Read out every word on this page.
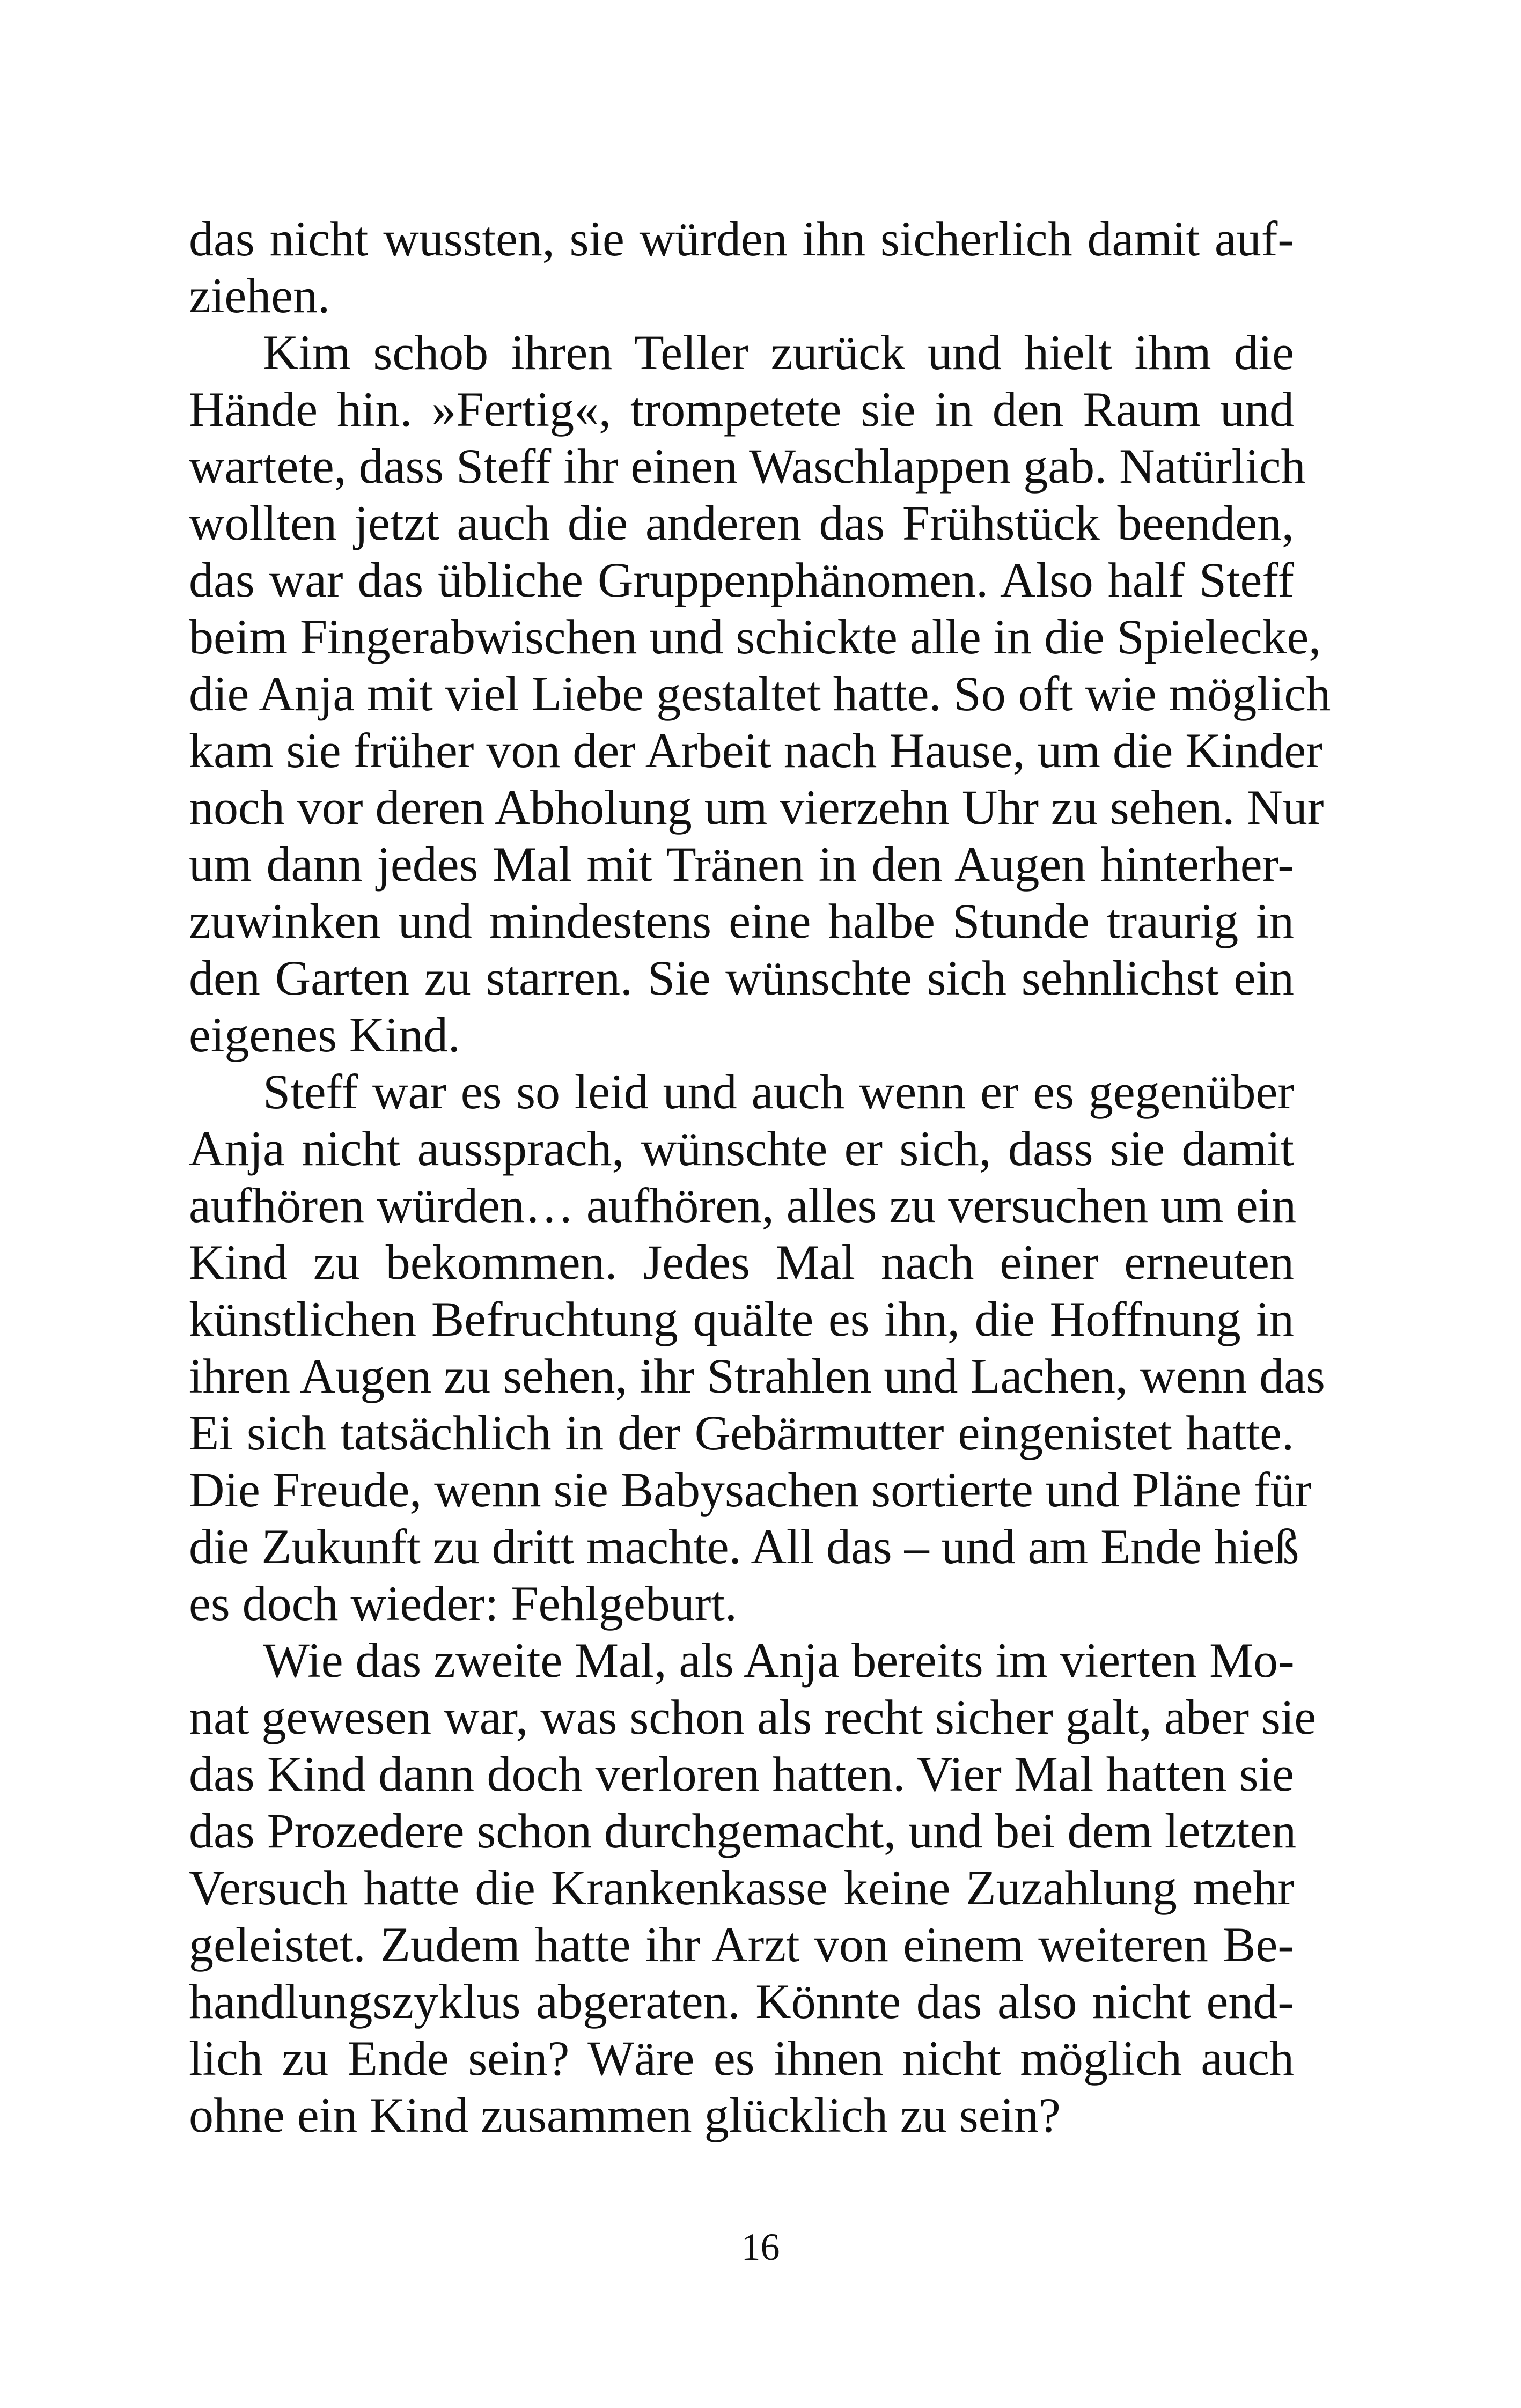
das nicht wussten, sie würden ihn sicherlich damit auf-
ziehen.
Kim schob ihren Teller zurück und hielt ihm die
Hände hin. »Fertig«, trompetete sie in den Raum und
wartete, dass Steff ihr einen Waschlappen gab. Natürlich
wollten jetzt auch die anderen das Frühstück beenden,
das war das übliche Gruppenphänomen. Also half Steff
beim Fingerabwischen und schickte alle in die Spielecke,
die Anja mit viel Liebe gestaltet hatte. So oft wie möglich
kam sie früher von der Arbeit nach Hause, um die Kinder
noch vor deren Abholung um vierzehn Uhr zu sehen. Nur
um dann jedes Mal mit Tränen in den Augen hinterher-
zuwinken und mindestens eine halbe Stunde traurig in
den Garten zu starren. Sie wünschte sich sehnlichst ein
eigenes Kind.
Steff war es so leid und auch wenn er es gegenüber
Anja nicht aussprach, wünschte er sich, dass sie damit
aufhören würden… aufhören, alles zu versuchen um ein
Kind zu bekommen. Jedes Mal nach einer erneuten
künstlichen Befruchtung quälte es ihn, die Hoffnung in
ihren Augen zu sehen, ihr Strahlen und Lachen, wenn das
Ei sich tatsächlich in der Gebärmutter eingenistet hatte.
Die Freude, wenn sie Babysachen sortierte und Pläne für
die Zukunft zu dritt machte. All das – und am Ende hieß
es doch wieder: Fehlgeburt.
Wie das zweite Mal, als Anja bereits im vierten Mo-
nat gewesen war, was schon als recht sicher galt, aber sie
das Kind dann doch verloren hatten. Vier Mal hatten sie
das Prozedere schon durchgemacht, und bei dem letzten
Versuch hatte die Krankenkasse keine Zuzahlung mehr
geleistet. Zudem hatte ihr Arzt von einem weiteren Be-
handlungszyklus abgeraten. Könnte das also nicht end-
lich zu Ende sein? Wäre es ihnen nicht möglich auch
ohne ein Kind zusammen glücklich zu sein?
16
